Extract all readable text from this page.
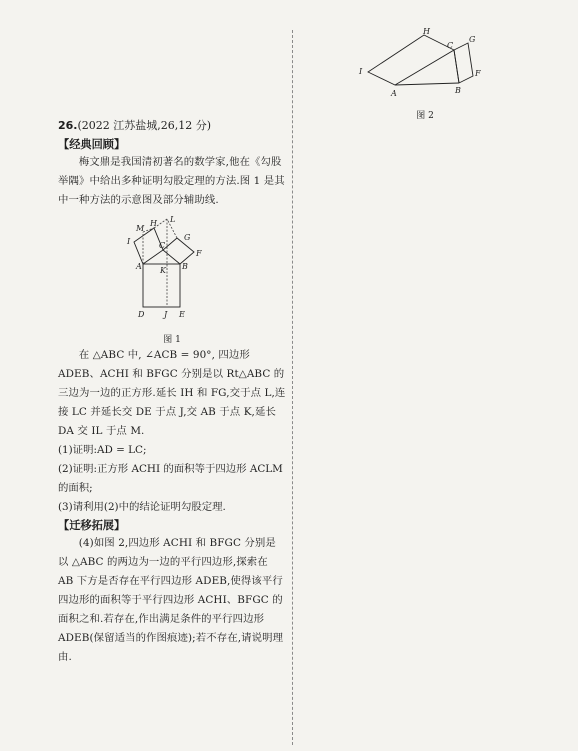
H
C
G
I	F
A	B
图 2

26.(2022 江苏盐城,26,12 分)

【经典回顾】

梅文鼎是我国清初著名的数学家,他在《勾股举隅》中给出多种证明勾股定理的方法.图 1 是其中一种方法的示意图及部分辅助线.

M
H L
I	G
C
F
A K B
D J E
图 1

在 △ABC 中, ∠ACB = 90°, 四边形 ADEB、ACHI 和 BFGC 分别是以 Rt△ABC 的三边为一边的正方形.延长 IH 和 FG,交于点 L,连接 LC 并延长交 DE 于点 J,交 AB 于点 K,延长 DA 交 IL 于点 M.

(1)证明:AD = LC;

(2)证明:正方形 ACHI 的面积等于四边形 ACLM 的面积;

(3)请利用(2)中的结论证明勾股定理.

【迁移拓展】

(4)如图 2,四边形 ACHI 和 BFGC 分别是以 △ABC 的两边为一边的平行四边形,探索在 AB 下方是否存在平行四边形 ADEB,使得该平行四边形的面积等于平行四边形 ACHI、BFGC 的面积之和.若存在,作出满足条件的平行四边形 ADEB(保留适当的作图痕迹);若不存在,请说明理由.
